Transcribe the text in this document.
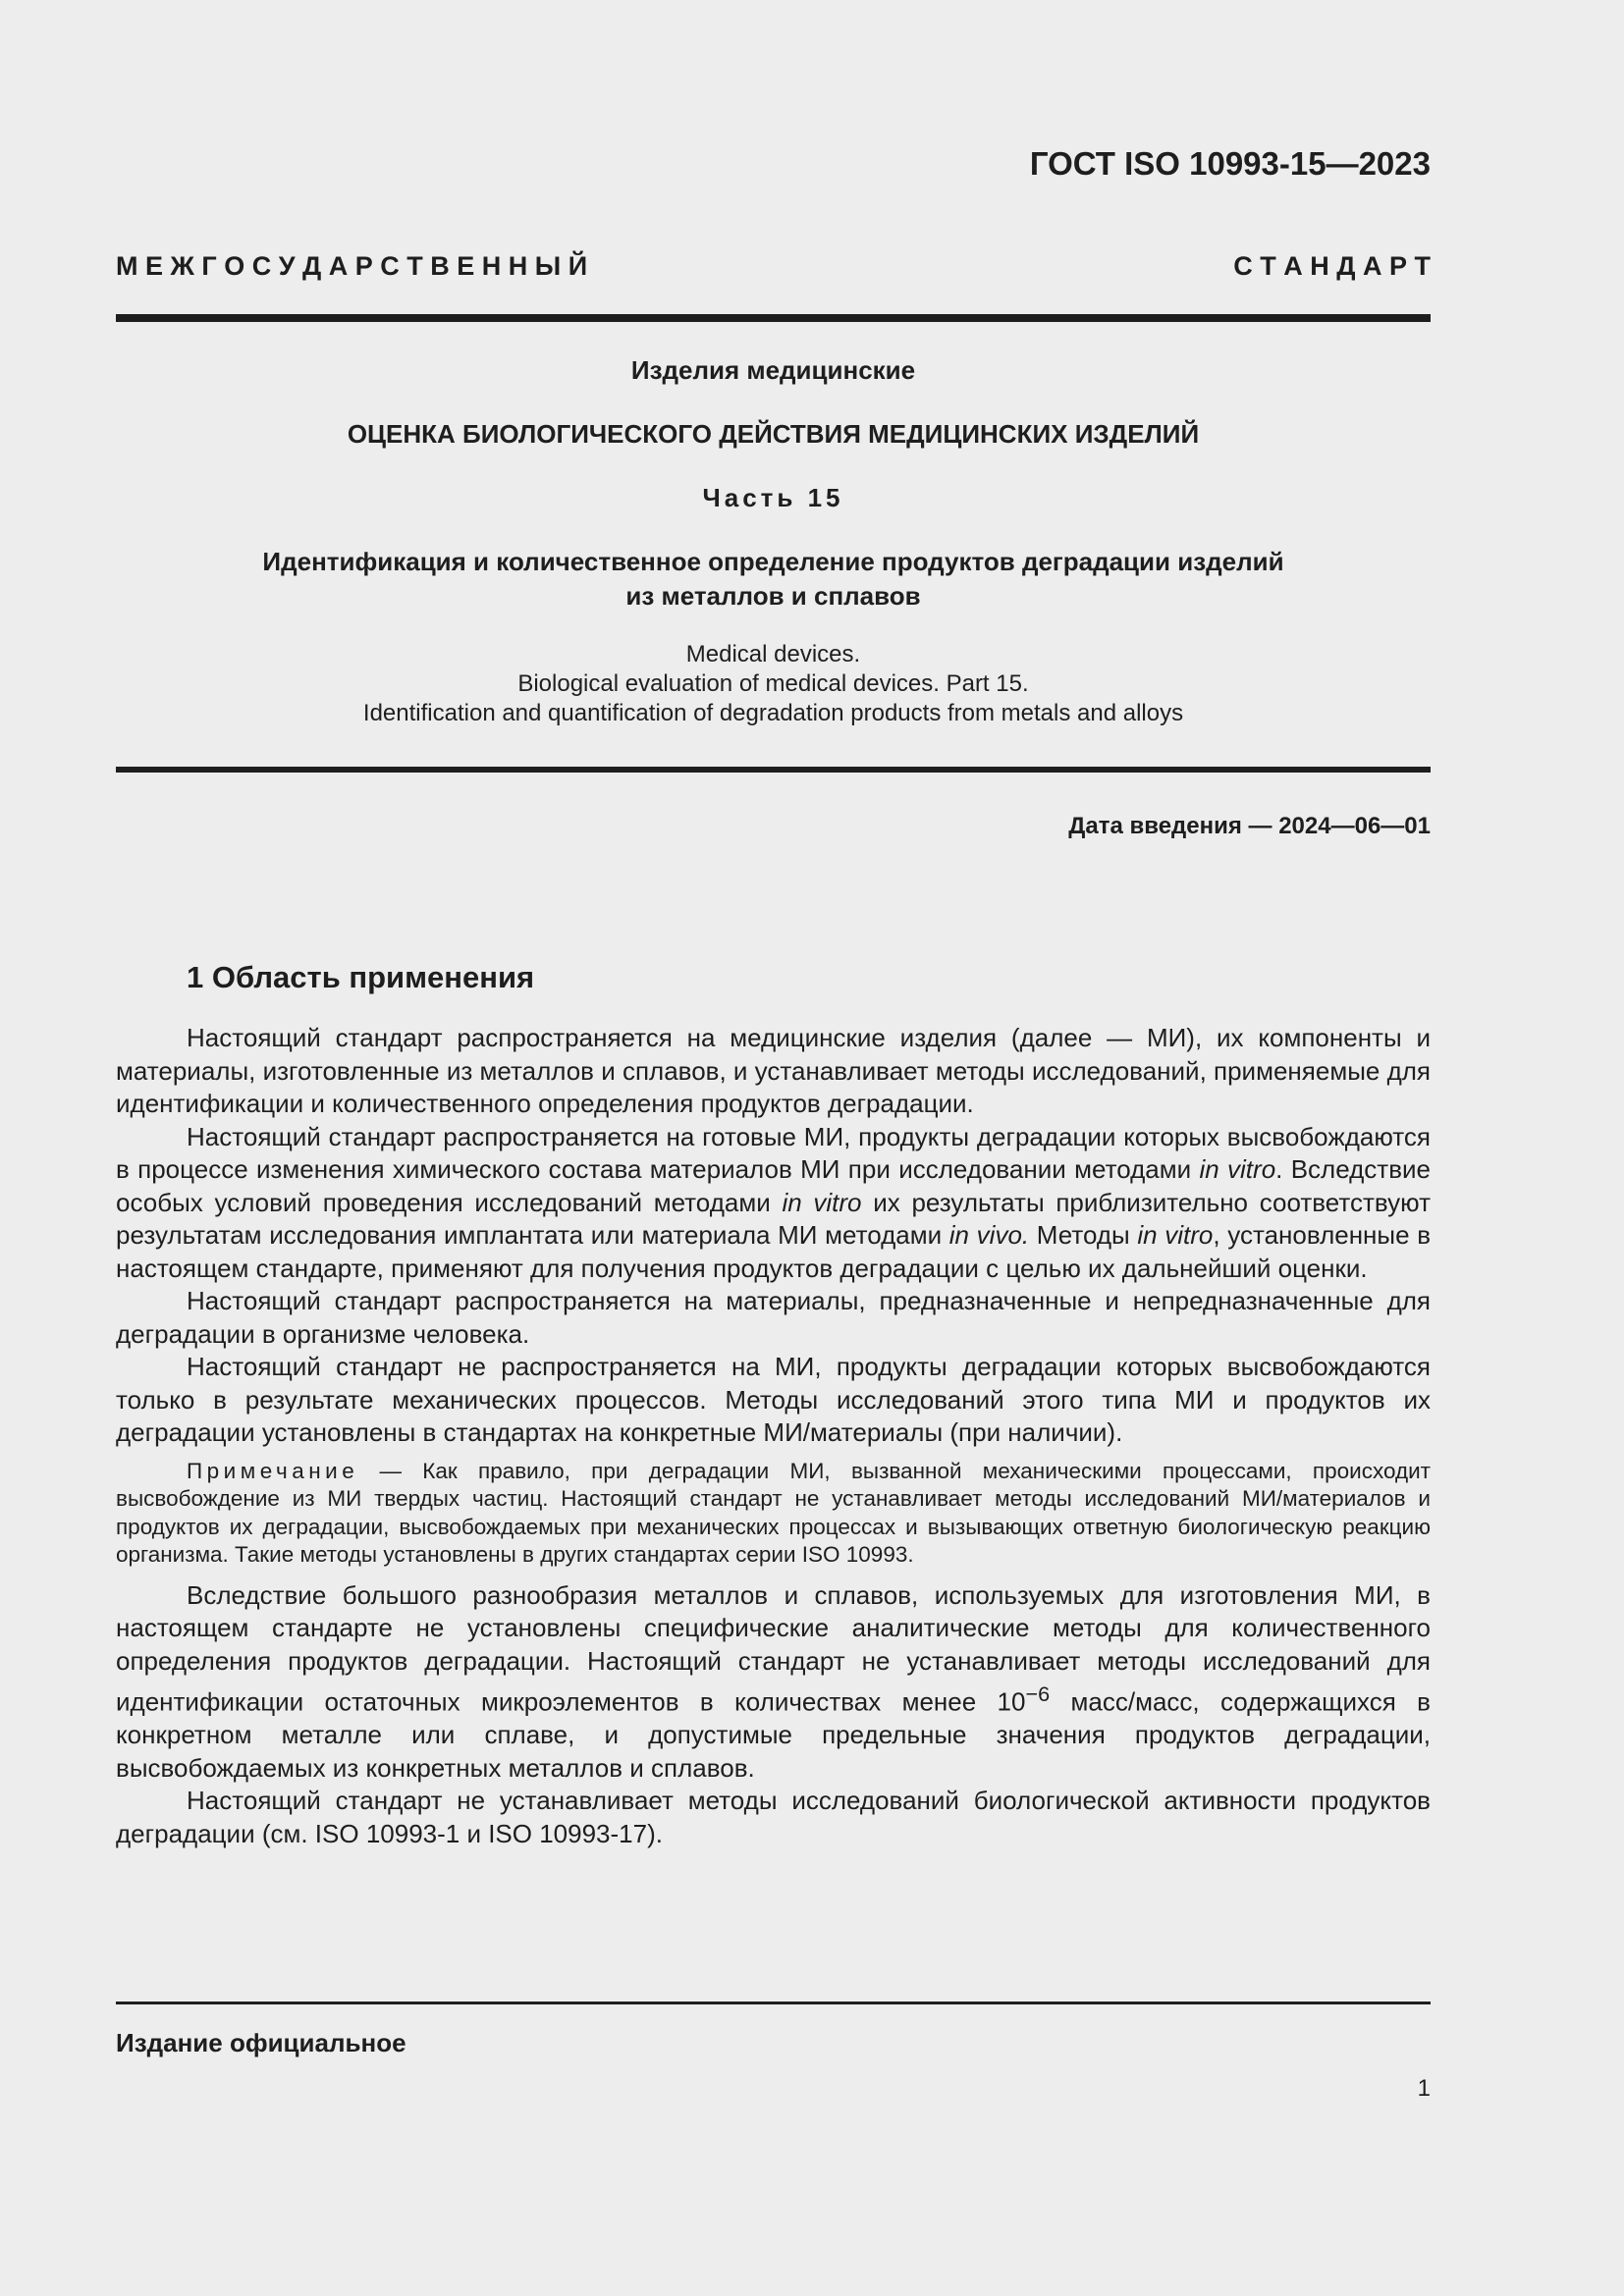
ГОСТ ISO 10993-15—2023
М Е Ж Г О С У Д А Р С Т В Е Н Н Ы Й	С Т А Н Д А Р Т
Изделия медицинские
ОЦЕНКА БИОЛОГИЧЕСКОГО ДЕЙСТВИЯ МЕДИЦИНСКИХ ИЗДЕЛИЙ
Часть 15
Идентификация и количественное определение продуктов деградации изделий
из металлов и сплавов
Medical devices.
Biological evaluation of medical devices. Part 15.
Identification and quantification of degradation products from metals and alloys
Дата введения — 2024—06—01
1 Область применения

Настоящий стандарт распространяется на медицинские изделия (далее — МИ), их компоненты и материалы, изготовленные из металлов и сплавов, и устанавливает методы исследований, применяемые для идентификации и количественного определения продуктов деградации.

Настоящий стандарт распространяется на готовые МИ, продукты деградации которых высвобождаются в процессе изменения химического состава материалов МИ при исследовании методами in vitro. Вследствие особых условий проведения исследований методами in vitro их результаты приблизительно соответствуют результатам исследования имплантата или материала МИ методами in vivo. Методы in vitro, установленные в настоящем стандарте, применяют для получения продуктов деградации с целью их дальнейший оценки.

Настоящий стандарт распространяется на материалы, предназначенные и непредназначенные для деградации в организме человека.

Настоящий стандарт не распространяется на МИ, продукты деградации которых высвобождаются только в результате механических процессов. Методы исследований этого типа МИ и продуктов их деградации установлены в стандартах на конкретные МИ/материалы (при наличии).

Примечание — Как правило, при деградации МИ, вызванной механическими процессами, происходит высвобождение из МИ твердых частиц. Настоящий стандарт не устанавливает методы исследований МИ/материалов и продуктов их деградации, высвобождаемых при механических процессах и вызывающих ответную биологическую реакцию организма. Такие методы установлены в других стандартах серии ISO 10993.

Вследствие большого разнообразия металлов и сплавов, используемых для изготовления МИ, в настоящем стандарте не установлены специфические аналитические методы для количественного определения продуктов деградации. Настоящий стандарт не устанавливает методы исследований для идентификации остаточных микроэлементов в количествах менее $10^{-6}$ масс/масс, содержащихся в конкретном металле или сплаве, и допустимые предельные значения продуктов деградации, высвобождаемых из конкретных металлов и сплавов.

Настоящий стандарт не устанавливает методы исследований биологической активности продуктов деградации (см. ISO 10993-1 и ISO 10993-17).

Издание официальное
1
